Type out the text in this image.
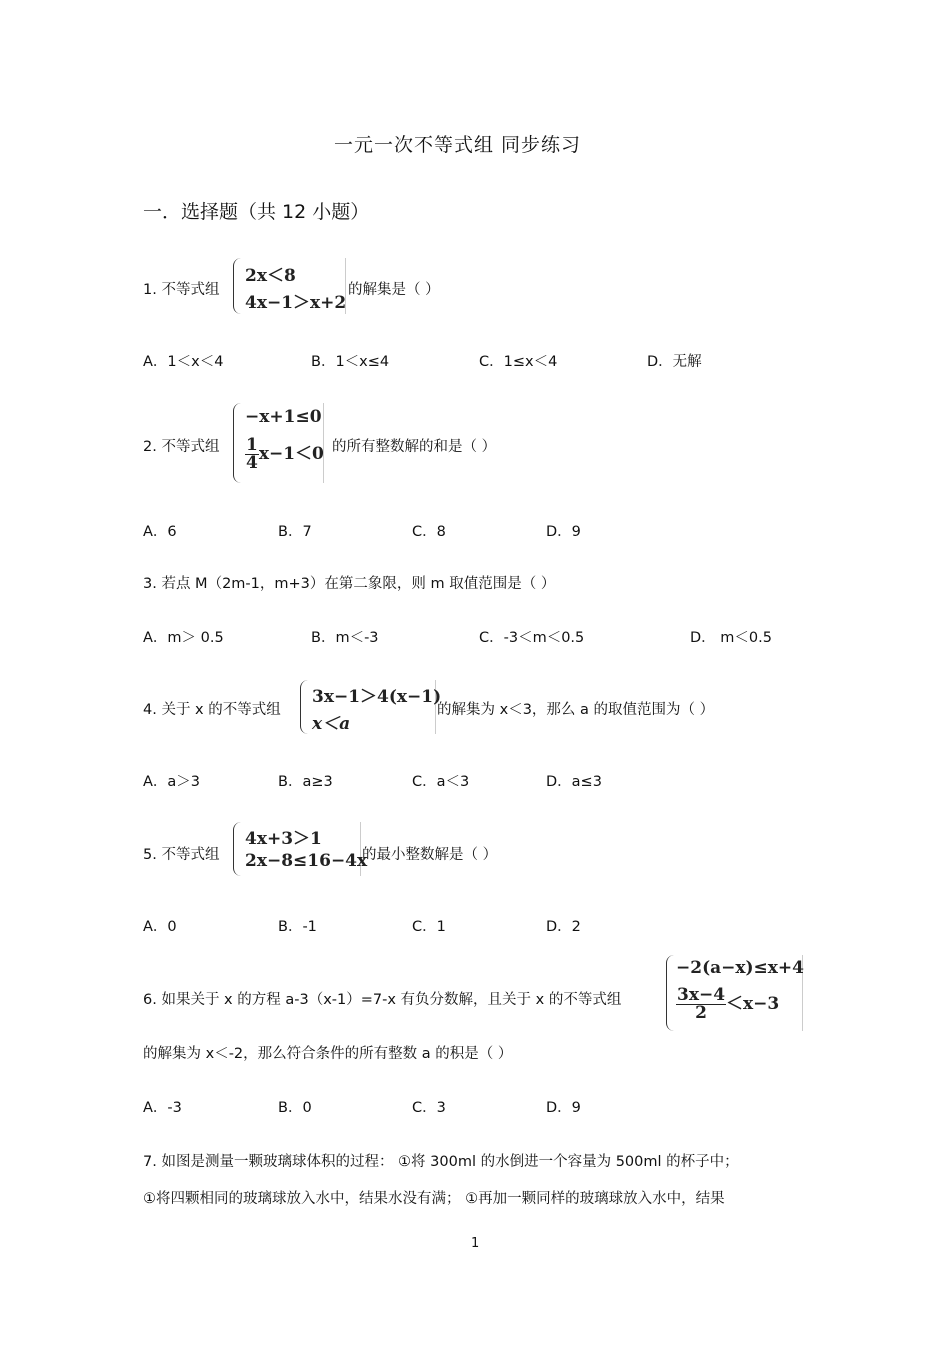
一元一次不等式组 同步练习
一．选择题（共 12 小题）
1. 不等式组
2x＜8
4x−1＞x+2
的解集是（ ）
A．1＜x＜4	B．1＜x≤4	C．1≤x＜4	D．无解
2. 不等式组
−x+1≤0
$\frac{1}{4} x-1<0$ 的所有整数解的和是（ ）
A．6	B．7	C．8	D．9
3. 若点 M（2m-1，m+3）在第二象限，则 m 取值范围是（ ）
A．m＞ 0.5	B．m＜-3	C．-3＜m＜0.5	D． m＜0.5
4. 关于 x 的不等式组
3x−1＞4(x−1)
x＜a
的解集为 x＜3，那么 a 的取值范围为（ ）
A．a＞3	B．a≥3	C．a＜3	D．a≤3
5. 不等式组
4x+3＞1
2x−8≤16−4x
的最小整数解是（ ）
A．0	B．-1	C．1	D．2
6. 如果关于 x 的方程 a-3（x-1）=7-x 有负分数解，且关于 x 的不等式组
−2(a−x)≤x+4
$\frac{3x-4}{2} <x-3$
的解集为 x＜-2，那么符合条件的所有整数 a 的积是（ ）
A．-3	B．0	C．3	D．9
7. 如图是测量一颗玻璃球体积的过程： ①将 300ml 的水倒进一个容量为 500ml 的杯子中；
①将四颗相同的玻璃球放入水中，结果水没有满； ①再加一颗同样的玻璃球放入水中，结果
1
